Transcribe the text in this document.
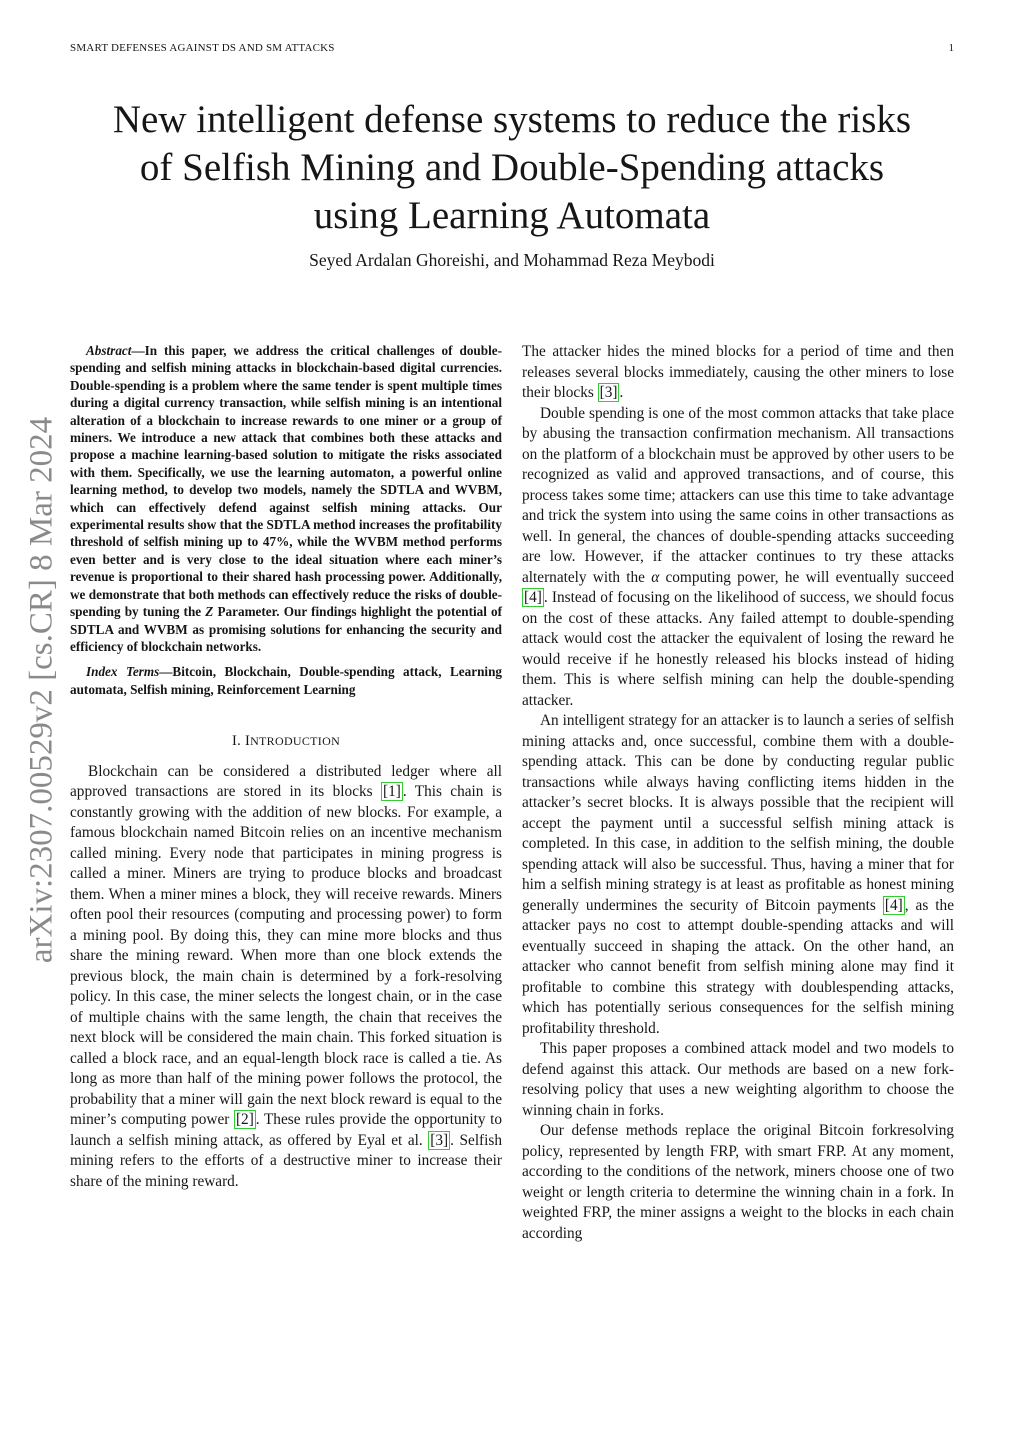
SMART DEFENSES AGAINST DS AND SM ATTACKS	1
New intelligent defense systems to reduce the risks
of Selfish Mining and Double-Spending attacks
using Learning Automata
Seyed Ardalan Ghoreishi, and Mohammad Reza Meybodi
arXiv:2307.00529v2 [cs.CR] 8 Mar 2024

Abstract—In this paper, we address the critical challenges of double-spending and selfish mining attacks in blockchain-based digital currencies. Double-spending is a problem where the same tender is spent multiple times during a digital currency transaction, while selfish mining is an intentional alteration of a blockchain to increase rewards to one miner or a group of miners. We introduce a new attack that combines both these attacks and propose a machine learning-based solution to mitigate the risks associated with them. Specifically, we use the learning automaton, a powerful online learning method, to develop two models, namely the SDTLA and WVBM, which can effectively defend against selfish mining attacks. Our experimental results show that the SDTLA method increases the profitability threshold of selfish mining up to 47%, while the WVBM method performs even better and is very close to the ideal situation where each miner’s revenue is proportional to their shared hash processing power. Additionally, we demonstrate that both methods can effectively reduce the risks of double-spending by tuning the Z Parameter. Our findings highlight the potential of SDTLA and WVBM as promising solutions for enhancing the security and efficiency of blockchain networks.

Index Terms—Bitcoin, Blockchain, Double-spending attack, Learning automata, Selfish mining, Reinforcement Learning

I. INTRODUCTION

Blockchain can be considered a distributed ledger where all approved transactions are stored in its blocks [1] . This chain is constantly growing with the addition of new blocks. For example, a famous blockchain named Bitcoin relies on an incentive mechanism called mining. Every node that participates in mining progress is called a miner. Miners are trying to produce blocks and broadcast them. When a miner mines a block, they will receive rewards. Miners often pool their resources (computing and processing power) to form a mining pool. By doing this, they can mine more blocks and thus share the mining reward. When more than one block extends the previous block, the main chain is determined by a fork-resolving policy. In this case, the miner selects the longest chain, or in the case of multiple chains with the same length, the chain that receives the next block will be considered the main chain. This forked situation is called a block race, and an equal-length block race is called a tie. As long as more than half of the mining power follows the protocol, the probability that a miner will gain the next block reward is equal to the miner’s computing power [2] . These rules provide the opportunity to launch a selfish mining attack, as offered by Eyal et al. [3] . Selfish mining refers to the efforts of a destructive miner to increase their share of the mining reward.

The attacker hides the mined blocks for a period of time and then releases several blocks immediately, causing the other miners to lose their blocks [3] .

Double spending is one of the most common attacks that take place by abusing the transaction confirmation mechanism. All transactions on the platform of a blockchain must be approved by other users to be recognized as valid and approved transactions, and of course, this process takes some time; attackers can use this time to take advantage and trick the system into using the same coins in other transactions as well. In general, the chances of double-spending attacks succeeding are low. However, if the attacker continues to try these attacks alternately with the α computing power, he will eventually succeed [4] . Instead of focusing on the likelihood of success, we should focus on the cost of these attacks. Any failed attempt to double-spending attack would cost the attacker the equivalent of losing the reward he would receive if he honestly released his blocks instead of hiding them. This is where selfish mining can help the double-spending attacker.

An intelligent strategy for an attacker is to launch a series of selfish mining attacks and, once successful, combine them with a double-spending attack. This can be done by conducting regular public transactions while always having conflicting items hidden in the attacker’s secret blocks. It is always possible that the recipient will accept the payment until a successful selfish mining attack is completed. In this case, in addition to the selfish mining, the double spending attack will also be successful. Thus, having a miner that for him a selfish mining strategy is at least as profitable as honest mining generally undermines the security of Bitcoin payments [4] , as the attacker pays no cost to attempt double-spending attacks and will eventually succeed in shaping the attack. On the other hand, an attacker who cannot benefit from selfish mining alone may find it profitable to combine this strategy with doublespending attacks, which has potentially serious consequences for the selfish mining profitability threshold.

This paper proposes a combined attack model and two models to defend against this attack. Our methods are based on a new fork-resolving policy that uses a new weighting algorithm to choose the winning chain in forks.

Our defense methods replace the original Bitcoin forkresolving policy, represented by length FRP, with smart FRP. At any moment, according to the conditions of the network, miners choose one of two weight or length criteria to determine the winning chain in a fork. In weighted FRP, the miner assigns a weight to the blocks in each chain according
